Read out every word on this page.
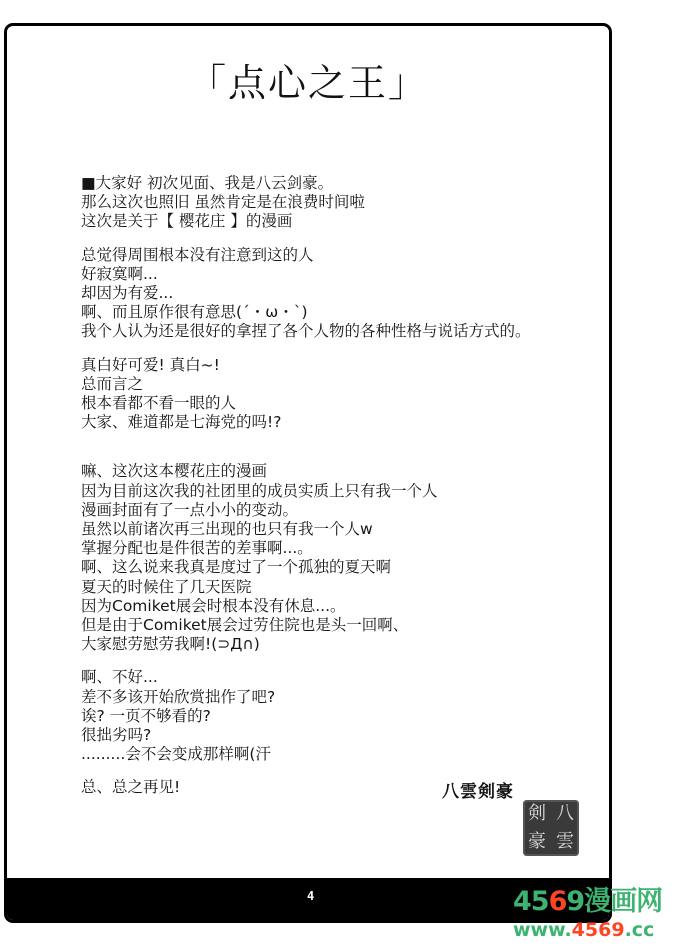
「点心之王」
■大家好 初次见面、我是八云剑豪。
那么这次也照旧 虽然肯定是在浪费时间啦
这次是关于【 樱花庄 】的漫画
总觉得周围根本没有注意到这的人
好寂寞啊...
却因为有爱...
啊、而且原作很有意思(´・ω・`)
我个人认为还是很好的拿捏了各个人物的各种性格与说话方式的。
真白好可爱! 真白~!
总而言之
根本看都不看一眼的人
大家、难道都是七海党的吗!?
嘛、这次这本樱花庄的漫画
因为目前这次我的社团里的成员实质上只有我一个人
漫画封面有了一点小小的变动。
虽然以前诸次再三出现的也只有我一个人w
掌握分配也是件很苦的差事啊...。
啊、这么说来我真是度过了一个孤独的夏天啊
夏天的时候住了几天医院
因为Comiket展会时根本没有休息...。
但是由于Comiket展会过劳住院也是头一回啊、
大家慰劳慰劳我啊!(⊃Д∩)
啊、不好...
差不多该开始欣赏拙作了吧?
诶? 一页不够看的?
很拙劣吗?
.........会不会变成那样啊(汗
总、总之再见!
4
八雲剣豪
剣 八
豪 雲
4569漫画网
www.4569.cc
